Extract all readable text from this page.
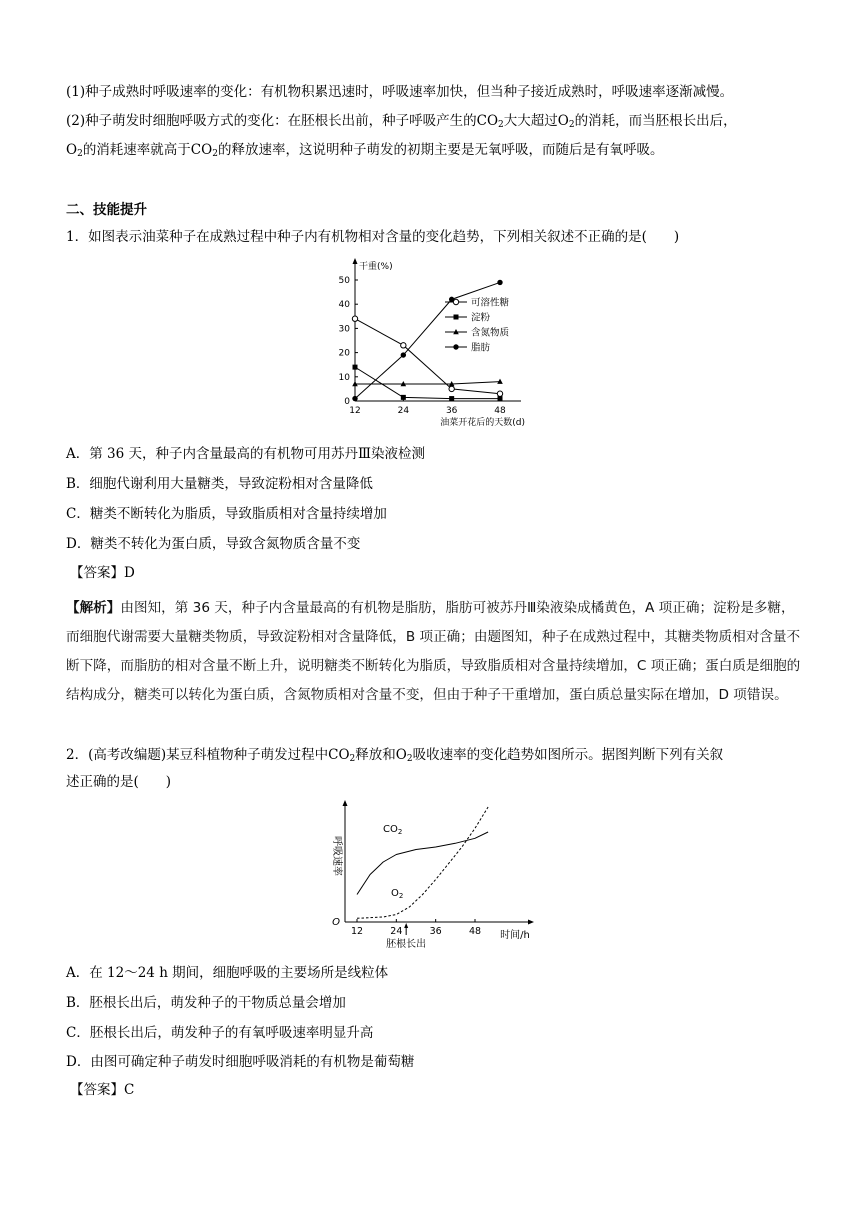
(1)种子成熟时呼吸速率的变化：有机物积累迅速时，呼吸速率加快，但当种子接近成熟时，呼吸速率逐渐减慢。

(2)种子萌发时细胞呼吸方式的变化：在胚根长出前，种子呼吸产生的$CO_2$大大超过$O_2$的消耗，而当胚根长出后，

$O_2$的消耗速率就高于$CO_2$的释放速率，这说明种子萌发的初期主要是无氧呼吸，而随后是有氧呼吸。

二、技能提升

1．如图表示油菜种子在成熟过程中种子内有机物相对含量的变化趋势，下列相关叙述不正确的是(　　)

干重(%)
0
10
20
30
40
50
12	24	36	48
油菜开花后的天数(d)
可溶性糖
淀粉
含氮物质
脂肪

A．第 36 天，种子内含量最高的有机物可用苏丹Ⅲ染液检测

B．细胞代谢利用大量糖类，导致淀粉相对含量降低

C．糖类不断转化为脂质，导致脂质相对含量持续增加

D．糖类不转化为蛋白质，导致含氮物质含量不变

【答案】D

【解析】由图知，第 36 天，种子内含量最高的有机物是脂肪，脂肪可被苏丹Ⅲ染液染成橘黄色，A 项正确；淀粉是多糖，而细胞代谢需要大量糖类物质，导致淀粉相对含量降低，B 项正确；由题图知，种子在成熟过程中，其糖类物质相对含量不断下降，而脂肪的相对含量不断上升，说明糖类不断转化为脂质，导致脂质相对含量持续增加，C 项正确；蛋白质是细胞的结构成分，糖类可以转化为蛋白质，含氮物质相对含量不变，但由于种子干重增加，蛋白质总量实际在增加，D 项错误。

2．(高考改编题)某豆科植物种子萌发过程中$CO_2$释放和$O_2$吸收速率的变化趋势如图所示。据图判断下列有关叙

述正确的是(　　)

O
呼吸速率
12	24	36	48 时间/h
胚根长出
$CO_2$
$O_2$

A．在 12～24 h 期间，细胞呼吸的主要场所是线粒体

B．胚根长出后，萌发种子的干物质总量会增加

C．胚根长出后，萌发种子的有氧呼吸速率明显升高

D．由图可确定种子萌发时细胞呼吸消耗的有机物是葡萄糖

【答案】C
